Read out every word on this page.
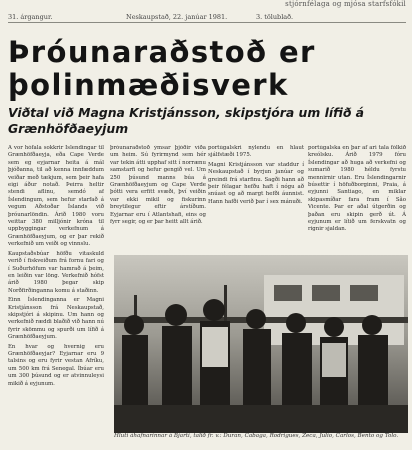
stjórnfélaga og mjósa starfsfókil
31. árgangur.	Neskaupstað, 22. janúar 1981.	3. tölublað.
Þróunaraðstoð er þolinmæðisverk
Viðtal við Magna Kristjánsson, skipstjóra um lífið á Grænhöfðaeyjum

Á vor hófala sokkrir Íslendingar til Grænhöfðaeyja, eða Cape Verde sem eg eyjarnar heita á mál þjóðanna, til að kenna innfæddum veiðar með tækjum, sem þeir hafa eigi áður notað. Þeirra heltir stendi aflinu, semdó af Íslendingum, sem hefur starfað á vegum Aðstoðar Íslands við þróunarlöndin. Árið 1980 voru veittar 380 milljónir króna til uppbyggingar verkefnum á Grænhöfðaeyjum, og er þar rekið verkefnið um veiði og vinnslu.

Kaupstaðsbúar höfðu vitaskuld verið í fiskveiðum frá fornu fari og í Suðurhöfum var hamrað á þeim, en leiðin var löng. Verkefnið hófst árið 1980 þegar skip Norðfirðinganna komu á staðinn.

Einn Íslendinganna er Magni Kristjánsson frá Neskaupstað, skipstjóri á skipinu. Um hann og verkefnið ræddi blaðið við hann nú fyrir skömmu og spurði um lífið á Grænhöfðaeyjum.

En hvar og hvernig eru Grænhöfðaeyjar? Eyjarnar eru 9 talsins og eru fyrir vestan Afríku, um 500 km frá Senegal. Íbúar eru um 300 þúsund og er atvinnuleysi mikið á eyjunum.

þróunaraðstoð ýmsar þjóðir víða um heim. Sú fyrirmynd sem hér var tekin átti upphaf sitt í norrænu samstarfi og hefur gengið vel. Um 250 þúsund manns búa á Grænhöfðaeyjum og Cape Verde þótti vera erfitt svæði, því veiðin var ekki mikil og fiskurinn breytilegur eftir árstíðum. Eyjarnar eru í Atlantshafi, eins og fyrr segir, og er þar heitt allt árið.

portúgalskri nýlendu en hlaut sjálfstæði 1975.

Magni Kristjánsson var staddur í Neskaupstað í byrjun janúar og greindi frá starfinu. Sagði hann að þeir félagar hefðu haft í nógu að snúast og að margt hefði áunnist. Hann hafði verið þar í sex mánuði.

portúgalska en þar af ari tala fólkið kreólsku. Árið 1979 fóru Íslendingar að huga að verkefni og sumarið 1980 héldu fyrstu mennirnir utan. Eru Íslendingarnir búsettir í höfuðborginni, Praia, á eyjunni Santiago, en miklar skipasmíðar fara fram í São Vicente. Þar er aðal útgerðin og þaðan eru skipin gerð út. Á eyjunum er lítið um ferskvatn og rignir sjaldan.

Hluti áhafnarinnar á Bjarti, talið fr. v.: Duran, Cabaga, Rodrigues, Zeca, Julio, Carlos, Bento og Tolo.
